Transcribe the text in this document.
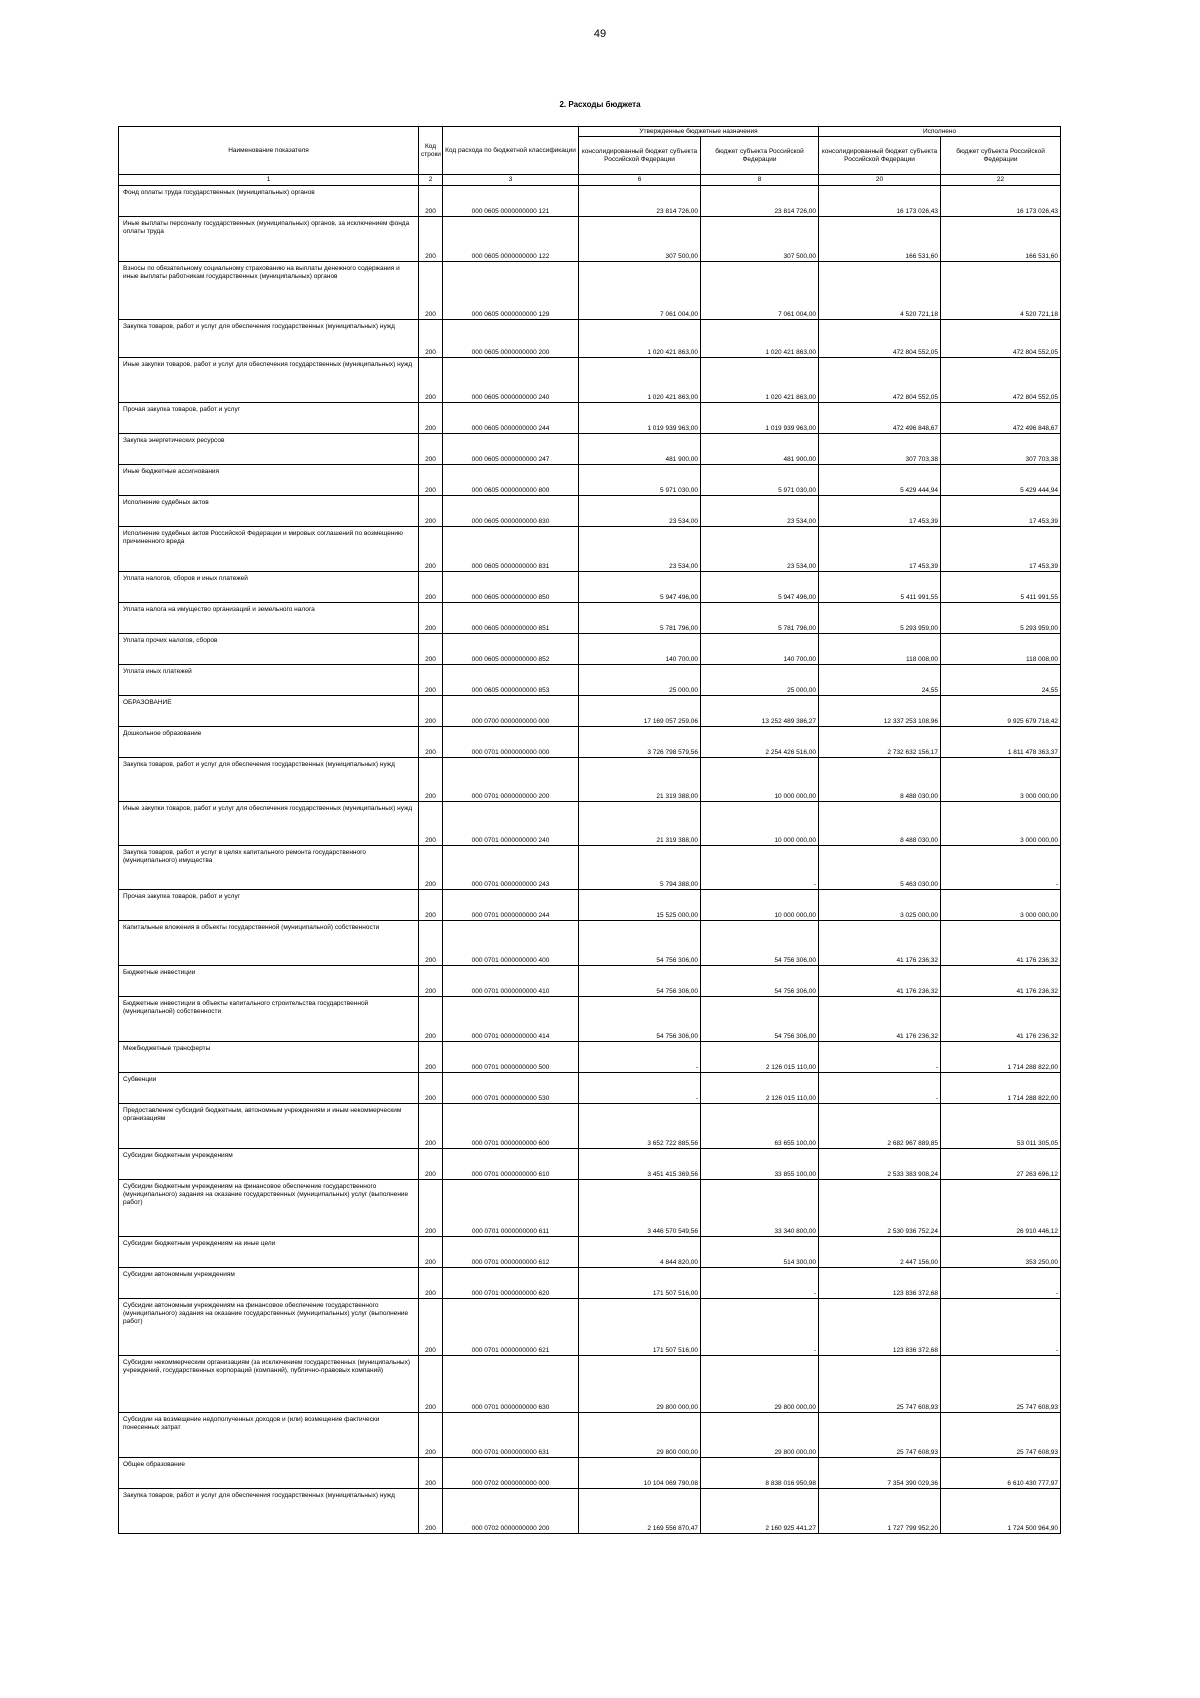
49
2. Расходы бюджета
Наименование показателя	Код строки	Код расхода по бюджетной классификации	Утвержденные бюджетные назначения		Исполнено	
			консолидированный бюджет субъекта Российской Федерации	бюджет субъекта Российской Федерации	консолидированный бюджет субъекта Российской Федерации	бюджет субъекта Российской Федерации
1	2	3	6	8	20	22
Фонд оплаты труда государственных (муниципальных) органов	200	000 0605 0000000000 121	23 814 726,00	23 814 726,00	16 173 026,43	16 173 026,43
Иные выплаты персоналу государственных (муниципальных) органов, за исключением фонда оплаты труда	200	000 0605 0000000000 122	307 500,00	307 500,00	166 531,60	166 531,60
Взносы по обязательному социальному страхованию на выплаты денежного содержания и иные выплаты работникам государственных (муниципальных) органов	200	000 0605 0000000000 129	7 061 004,00	7 061 004,00	4 520 721,18	4 520 721,18
Закупка товаров, работ и услуг для обеспечения государственных (муниципальных) нужд	200	000 0605 0000000000 200	1 020 421 863,00	1 020 421 863,00	472 804 552,05	472 804 552,05
Иные закупки товаров, работ и услуг для обеспечения государственных (муниципальных) нужд	200	000 0605 0000000000 240	1 020 421 863,00	1 020 421 863,00	472 804 552,05	472 804 552,05
Прочая закупка товаров, работ и услуг	200	000 0605 0000000000 244	1 019 939 963,00	1 019 939 963,00	472 496 848,67	472 496 848,67
Закупка энергетических ресурсов	200	000 0605 0000000000 247	481 900,00	481 900,00	307 703,38	307 703,38
Иные бюджетные ассигнования	200	000 0605 0000000000 800	5 971 030,00	5 971 030,00	5 429 444,94	5 429 444,94
Исполнение судебных актов	200	000 0605 0000000000 830	23 534,00	23 534,00	17 453,39	17 453,39
Исполнение судебных актов Российской Федерации и мировых соглашений по возмещению причиненного вреда	200	000 0605 0000000000 831	23 534,00	23 534,00	17 453,39	17 453,39
Уплата налогов, сборов и иных платежей	200	000 0605 0000000000 850	5 947 496,00	5 947 496,00	5 411 991,55	5 411 991,55
Уплата налога на имущество организаций и земельного налога	200	000 0605 0000000000 851	5 781 796,00	5 781 796,00	5 293 959,00	5 293 959,00
Уплата прочих налогов, сборов	200	000 0605 0000000000 852	140 700,00	140 700,00	118 008,00	118 008,00
Уплата иных платежей	200	000 0605 0000000000 853	25 000,00	25 000,00	24,55	24,55
ОБРАЗОВАНИЕ	200	000 0700 0000000000 000	17 169 057 259,06	13 252 489 386,27	12 337 253 108,96	9 925 679 718,42
Дошкольное образование	200	000 0701 0000000000 000	3 726 798 579,56	2 254 426 516,00	2 732 632 156,17	1 811 478 363,37
Закупка товаров, работ и услуг для обеспечения государственных (муниципальных) нужд	200	000 0701 0000000000 200	21 319 388,00	10 000 000,00	8 488 030,00	3 000 000,00
Иные закупки товаров, работ и услуг для обеспечения государственных (муниципальных) нужд	200	000 0701 0000000000 240	21 319 388,00	10 000 000,00	8 488 030,00	3 000 000,00
Закупка товаров, работ и услуг в целях капитального ремонта государственного (муниципального) имущества	200	000 0701 0000000000 243	5 794 388,00	-	5 463 030,00	-
Прочая закупка товаров, работ и услуг	200	000 0701 0000000000 244	15 525 000,00	10 000 000,00	3 025 000,00	3 000 000,00
Капитальные вложения в объекты государственной (муниципальной) собственности	200	000 0701 0000000000 400	54 756 306,00	54 756 306,00	41 176 236,32	41 176 236,32
Бюджетные инвестиции	200	000 0701 0000000000 410	54 756 306,00	54 756 306,00	41 176 236,32	41 176 236,32
Бюджетные инвестиции в объекты капитального строительства государственной (муниципальной) собственности	200	000 0701 0000000000 414	54 756 306,00	54 756 306,00	41 176 236,32	41 176 236,32
Межбюджетные трансферты	200	000 0701 0000000000 500	-	2 126 015 110,00	-	1 714 288 822,00
Субвенции	200	000 0701 0000000000 530	-	2 126 015 110,00	-	1 714 288 822,00
Предоставление субсидий бюджетным, автономным учреждениям и иным некоммерческим организациям	200	000 0701 0000000000 600	3 652 722 885,56	63 655 100,00	2 682 967 889,85	53 011 305,05
Субсидии бюджетным учреждениям	200	000 0701 0000000000 610	3 451 415 369,56	33 855 100,00	2 533 383 908,24	27 263 696,12
Субсидии бюджетным учреждениям на финансовое обеспечение государственного (муниципального) задания на оказание государственных (муниципальных) услуг (выполнение работ)	200	000 0701 0000000000 611	3 446 570 549,56	33 340 800,00	2 530 936 752,24	26 910 446,12
Субсидии бюджетным учреждениям на иные цели	200	000 0701 0000000000 612	4 844 820,00	514 300,00	2 447 156,00	353 250,00
Субсидии автономным учреждениям	200	000 0701 0000000000 620	171 507 516,00	-	123 836 372,68	-
Субсидии автономным учреждениям на финансовое обеспечение государственного (муниципального) задания на оказание государственных (муниципальных) услуг (выполнение работ)	200	000 0701 0000000000 621	171 507 516,00	-	123 836 372,68	-
Субсидии некоммерческим организациям (за исключением государственных (муниципальных) учреждений, государственных корпораций (компаний), публично-правовых компаний)	200	000 0701 0000000000 630	29 800 000,00	29 800 000,00	25 747 608,93	25 747 608,93
Субсидии на возмещение недополученных доходов и (или) возмещение фактически понесенных затрат	200	000 0701 0000000000 631	29 800 000,00	29 800 000,00	25 747 608,93	25 747 608,93
Общее образование	200	000 0702 0000000000 000	10 104 069 790,08	8 838 016 950,98	7 354 390 029,36	6 610 430 777,97
Закупка товаров, работ и услуг для обеспечения государственных (муниципальных) нужд	200	000 0702 0000000000 200	2 169 556 870,47	2 160 925 441,27	1 727 799 952,20	1 724 500 964,90
